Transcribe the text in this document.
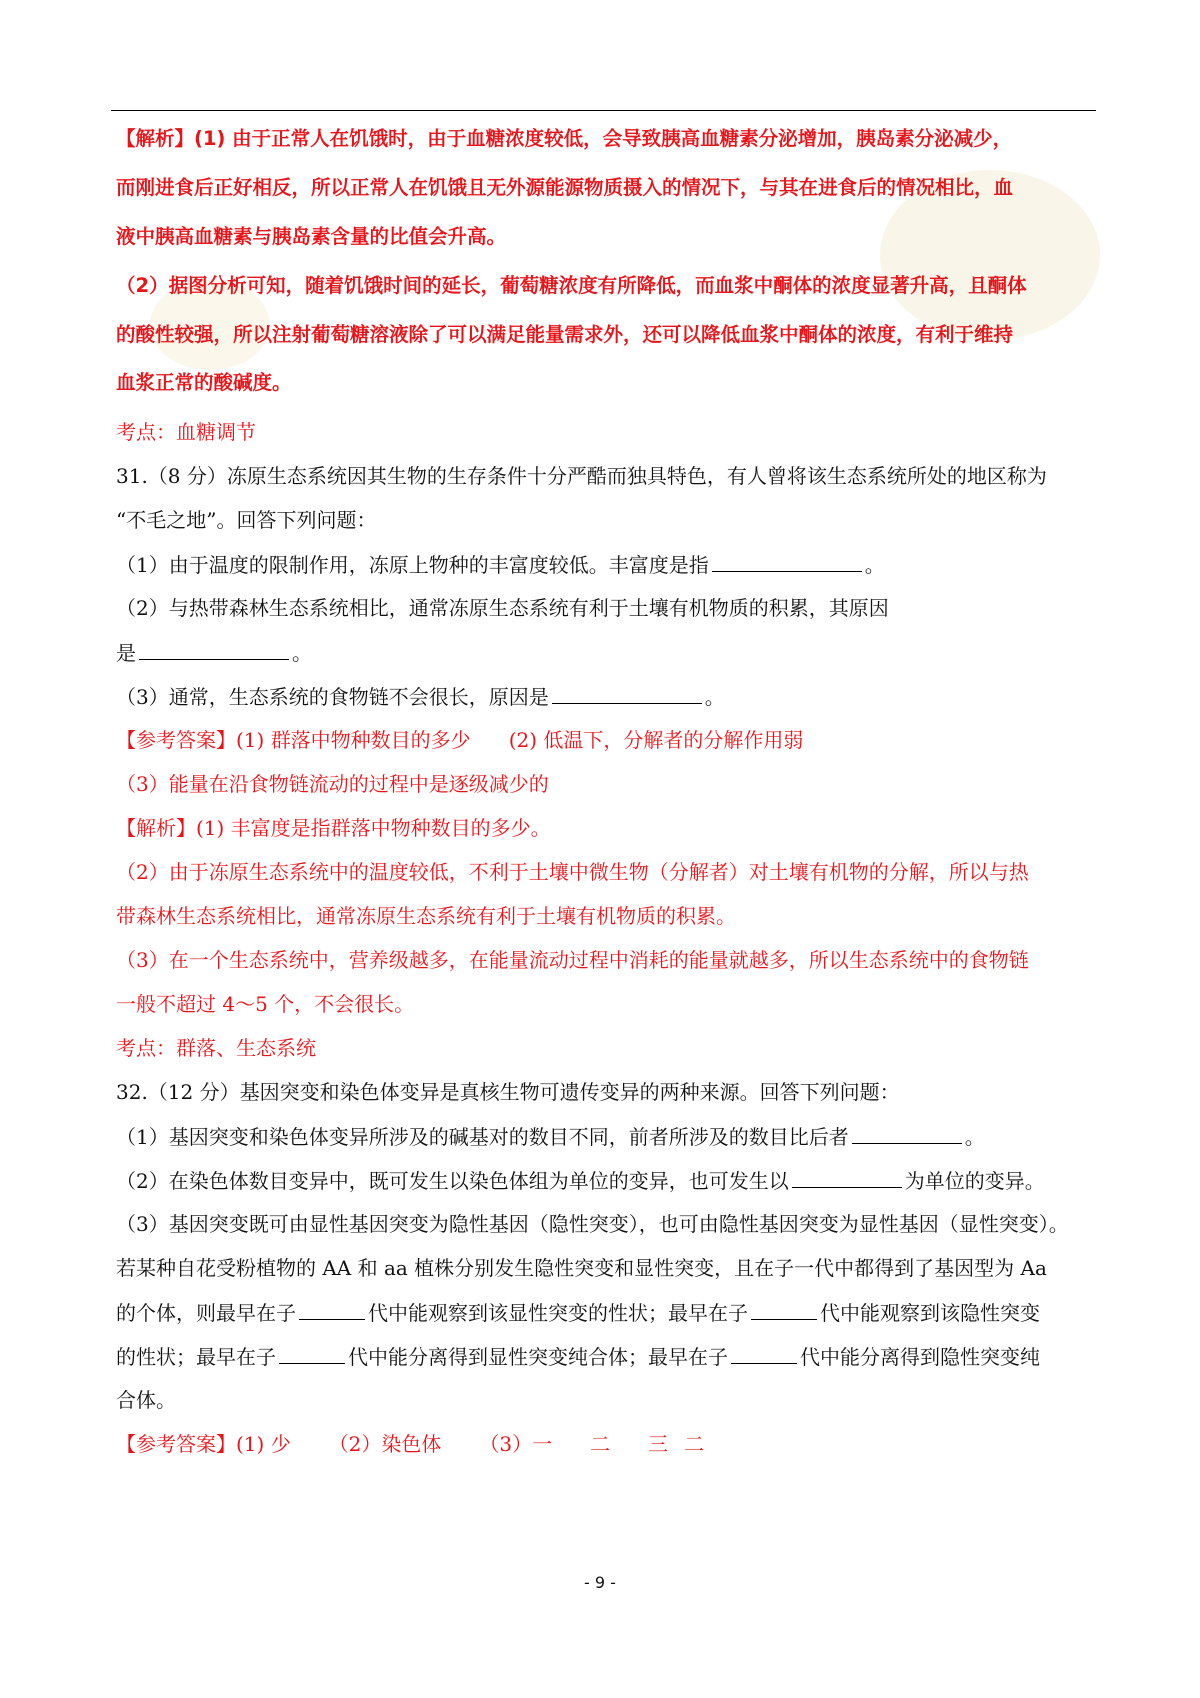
【解析】(1) 由于正常人在饥饿时，由于血糖浓度较低，会导致胰高血糖素分泌增加，胰岛素分泌减少，
而刚进食后正好相反，所以正常人在饥饿且无外源能源物质摄入的情况下，与其在进食后的情况相比，血
液中胰高血糖素与胰岛素含量的比值会升高。
（2）据图分析可知，随着饥饿时间的延长，葡萄糖浓度有所降低，而血浆中酮体的浓度显著升高，且酮体
的酸性较强，所以注射葡萄糖溶液除了可以满足能量需求外，还可以降低血浆中酮体的浓度，有利于维持
血浆正常的酸碱度。
考点：血糖调节
31.（8 分）冻原生态系统因其生物的生存条件十分严酷而独具特色，有人曾将该生态系统所处的地区称为
“不毛之地”。回答下列问题：
（1）由于温度的限制作用，冻原上物种的丰富度较低。丰富度是指	。
（2）与热带森林生态系统相比，通常冻原生态系统有利于土壤有机物质的积累，其原因
是	。
（3）通常，生态系统的食物链不会很长，原因是	。
【参考答案】(1) 群落中物种数目的多少 (2) 低温下，分解者的分解作用弱
（3）能量在沿食物链流动的过程中是逐级减少的
【解析】(1) 丰富度是指群落中物种数目的多少。
（2）由于冻原生态系统中的温度较低，不利于土壤中微生物（分解者）对土壤有机物的分解，所以与热
带森林生态系统相比，通常冻原生态系统有利于土壤有机物质的积累。
（3）在一个生态系统中，营养级越多，在能量流动过程中消耗的能量就越多，所以生态系统中的食物链
一般不超过 4～5 个，不会很长。
考点：群落、生态系统
32.（12 分）基因突变和染色体变异是真核生物可遗传变异的两种来源。回答下列问题：
（1）基因突变和染色体变异所涉及的碱基对的数目不同，前者所涉及的数目比后者	。
（2）在染色体数目变异中，既可发生以染色体组为单位的变异，也可发生以	为单位的变异。
（3）基因突变既可由显性基因突变为隐性基因（隐性突变），也可由隐性基因突变为显性基因（显性突变）。
若某种自花受粉植物的 AA 和 aa 植株分别发生隐性突变和显性突变，且在子一代中都得到了基因型为 Aa
的个体，则最早在子	代中能观察到该显性突变的性状；最早在子	代中能观察到该隐性突变
的性状；最早在子	代中能分离得到显性突变纯合体；最早在子	代中能分离得到隐性突变纯
合体。
【参考答案】(1) 少 （2）染色体 （3）一 二 三 二
- 9 -
